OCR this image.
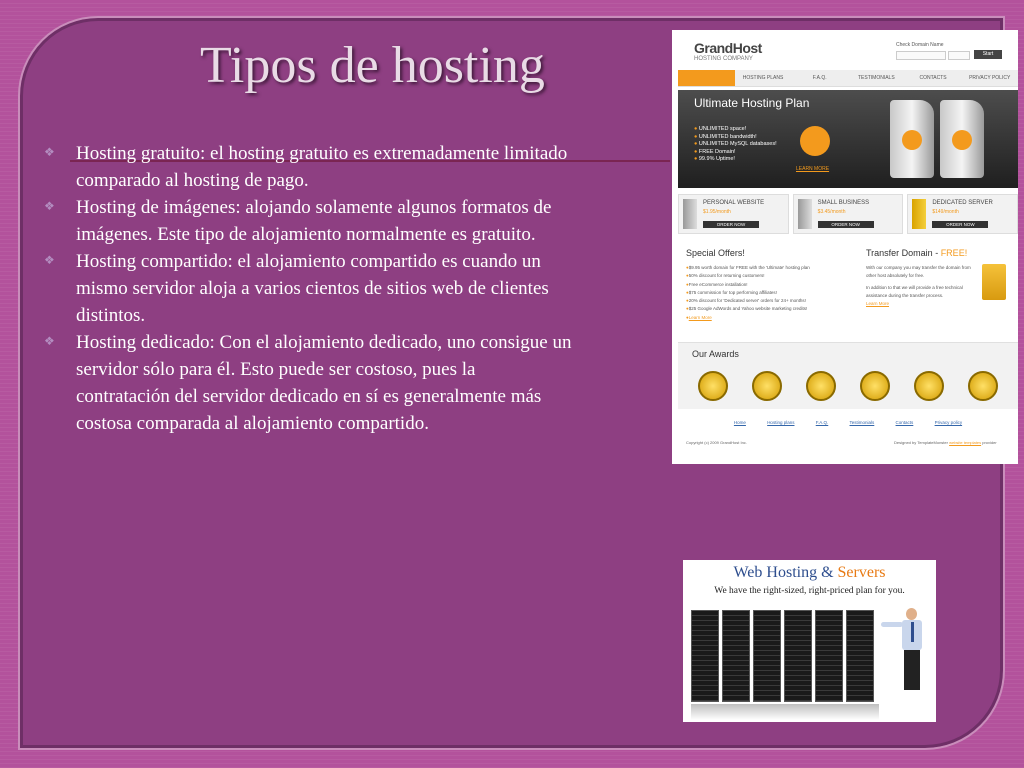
Tipos de hosting
❖ Hosting gratuito: el hosting gratuito es extremadamente limitado comparado al hosting de pago.
❖ Hosting de imágenes: alojando solamente algunos formatos de imágenes. Este tipo de alojamiento normalmente es gratuito.
❖ Hosting compartido: el alojamiento compartido es cuando un mismo servidor aloja a varios cientos de sitios web de clientes distintos.
❖ Hosting dedicado: Con el alojamiento dedicado, uno consigue un servidor sólo para él. Esto puede ser costoso, pues la contratación del servidor dedicado en sí es generalmente más costosa comparada al alojamiento compartido.
GrandHost
HOSTING COMPANY
Check Domain Name
Start
HOSTING PLANS	F.A.Q.	TESTIMONIALS	CONTACTS	PRIVACY POLICY
Ultimate Hosting Plan
● UNLIMITED space!
● UNLIMITED bandwidth!
● UNLIMITED MySQL databases!
● FREE Domain!
● 99.9% Uptime!
LEARN MORE
PERSONAL WEBSITE
$1.95/month
ORDER NOW
SMALL BUSINESS
$3.45/month
ORDER NOW
DEDICATED SERVER
$149/month
ORDER NOW
Special Offers!
● $9.95 worth domain for FREE with the 'Ultimate' hosting plan
● 50% discount for returning customers!
● Free eCommerce installation!
● $75 commission for top performing affiliates!
● 20% discount for 'Dedicated server' orders for 24+ months!
● $25 Google AdWords and Yahoo website marketing credits!
● Learn More
Transfer Domain - FREE!
With our company you may transfer the domain from other host absolutely for free.
In addition to that we will provide a free technical assistance during the transfer process.
Learn More
Our Awards
Home	Hosting plans	F.A.Q.	Testimonials	Contacts	Privacy policy
Copyright (c) 2009 GrandHost Inc.	Designed by TemplateMonster website templates provider
Web Hosting & Servers
We have the right-sized, right-priced plan for you.
